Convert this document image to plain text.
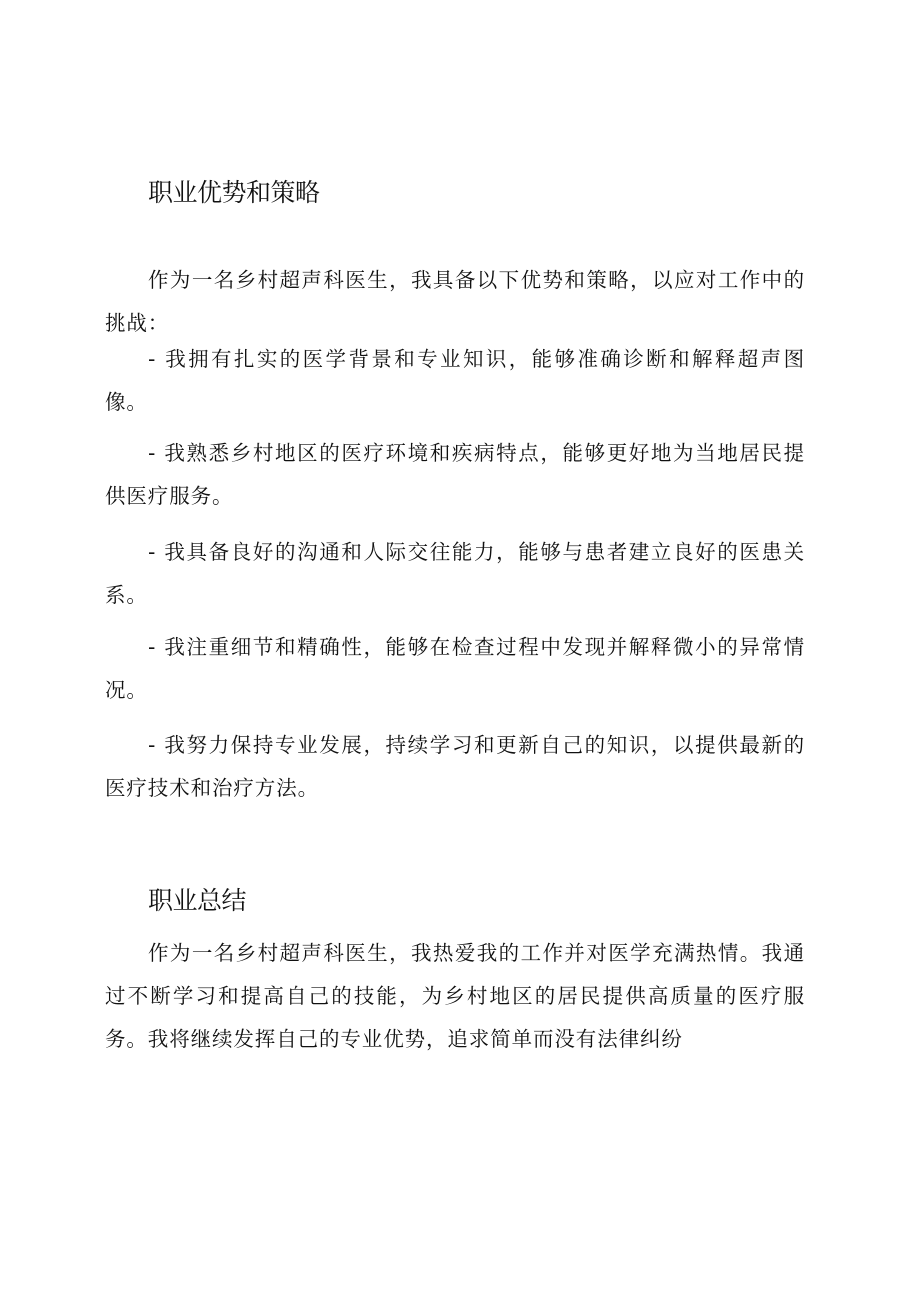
职业优势和策略

作为一名乡村超声科医生，我具备以下优势和策略，以应对工作中的挑战：

- 我拥有扎实的医学背景和专业知识，能够准确诊断和解释超声图像。

- 我熟悉乡村地区的医疗环境和疾病特点，能够更好地为当地居民提供医疗服务。

- 我具备良好的沟通和人际交往能力，能够与患者建立良好的医患关系。

- 我注重细节和精确性，能够在检查过程中发现并解释微小的异常情况。

- 我努力保持专业发展，持续学习和更新自己的知识，以提供最新的医疗技术和治疗方法。

职业总结

作为一名乡村超声科医生，我热爱我的工作并对医学充满热情。我通过不断学习和提高自己的技能，为乡村地区的居民提供高质量的医疗服务。我将继续发挥自己的专业优势，追求简单而没有法律纠纷
